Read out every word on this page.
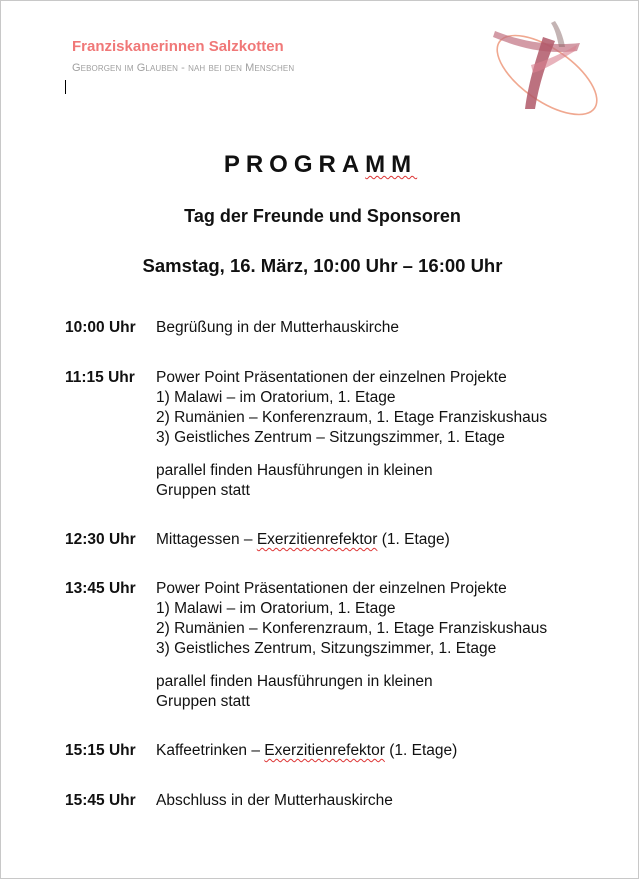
Franziskanerinnen Salzkotten
Geborgen im Glauben - nah bei den Menschen
PROGRAMM
Tag der Freunde und Sponsoren
Samstag, 16. März, 10:00 Uhr – 16:00 Uhr
10:00 Uhr Begrüßung in der Mutterhauskirche
11:15 Uhr Power Point Präsentationen der einzelnen Projekte
1) Malawi – im Oratorium, 1. Etage
2) Rumänien – Konferenzraum, 1. Etage Franziskushaus
3) Geistliches Zentrum – Sitzungszimmer, 1. Etage
parallel finden Hausführungen in kleinen
Gruppen statt
12:30 Uhr Mittagessen – Exerzitienrefektor (1. Etage)
13:45 Uhr Power Point Präsentationen der einzelnen Projekte
1) Malawi – im Oratorium, 1. Etage
2) Rumänien – Konferenzraum, 1. Etage Franziskushaus
3) Geistliches Zentrum, Sitzungszimmer, 1. Etage
parallel finden Hausführungen in kleinen
Gruppen statt
15:15 Uhr Kaffeetrinken – Exerzitienrefektor (1. Etage)
15:45 Uhr Abschluss in der Mutterhauskirche
